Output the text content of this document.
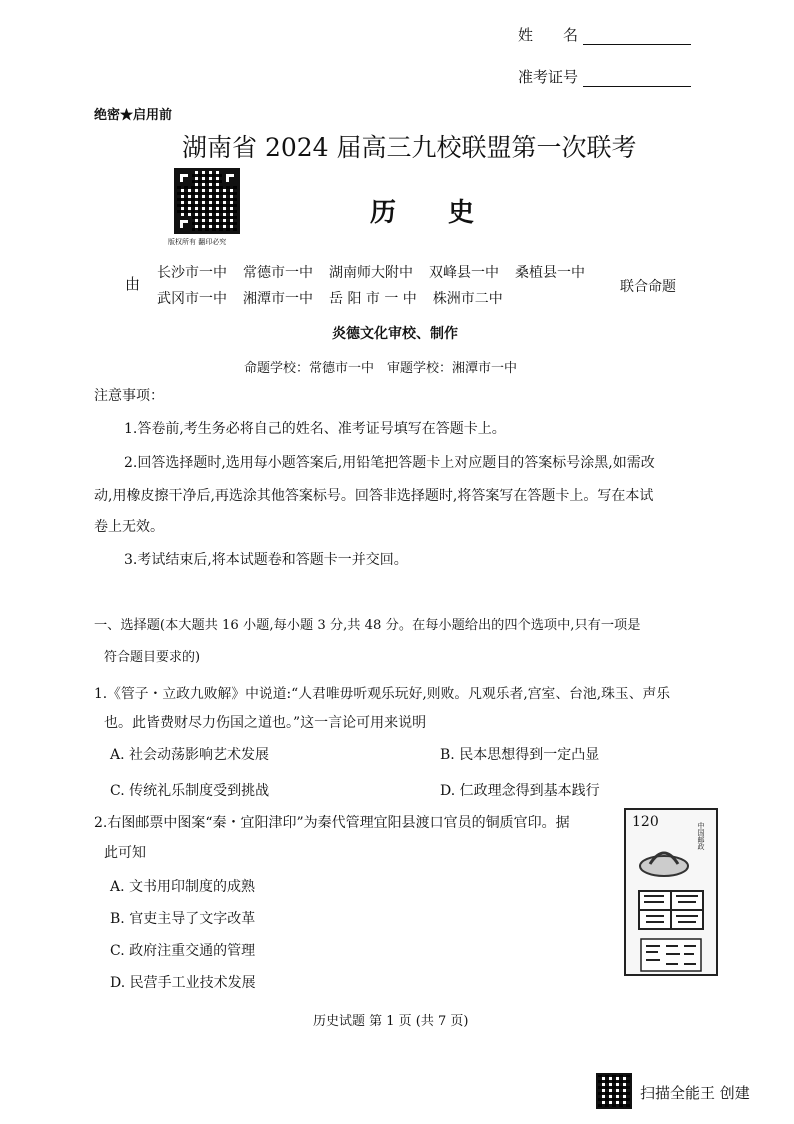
姓　　名
准考证号
绝密★启用前
湖南省 2024 届高三九校联盟第一次联考
版权所有 翻印必究
历　　史
由
长沙市一中 常德市一中 湖南师大附中 双峰县一中 桑植县一中
武冈市一中 湘潭市一中 岳 阳 市 一 中 株洲市二中
联合命题
炎德文化审校、制作
命题学校：常德市一中　审题学校：湘潭市一中
注意事项：
1.答卷前,考生务必将自己的姓名、准考证号填写在答题卡上。
2.回答选择题时,选用每小题答案后,用铅笔把答题卡上对应题目的答案标号涂黑,如需改
动,用橡皮擦干净后,再选涂其他答案标号。回答非选择题时,将答案写在答题卡上。写在本试
卷上无效。
3.考试结束后,将本试题卷和答题卡一并交回。
一、选择题(本大题共 16 小题,每小题 3 分,共 48 分。在每小题给出的四个选项中,只有一项是
符合题目要求的)
1.《管子・立政九败解》中说道:“人君唯毋听观乐玩好,则败。凡观乐者,宫室、台池,珠玉、声乐
也。此皆费财尽力伤国之道也。”这一言论可用来说明
A. 社会动荡影响艺术发展	B. 民本思想得到一定凸显
C. 传统礼乐制度受到挑战	D. 仁政理念得到基本践行
2.右图邮票中图案“秦・宜阳津印”为秦代管理宜阳县渡口官员的铜质官印。据
此可知
A. 文书用印制度的成熟
B. 官吏主导了文字改革
C. 政府注重交通的管理
D. 民营手工业技术发展
120	中国邮政
历史试题 第 1 页 (共 7 页)
扫描全能王 创建
